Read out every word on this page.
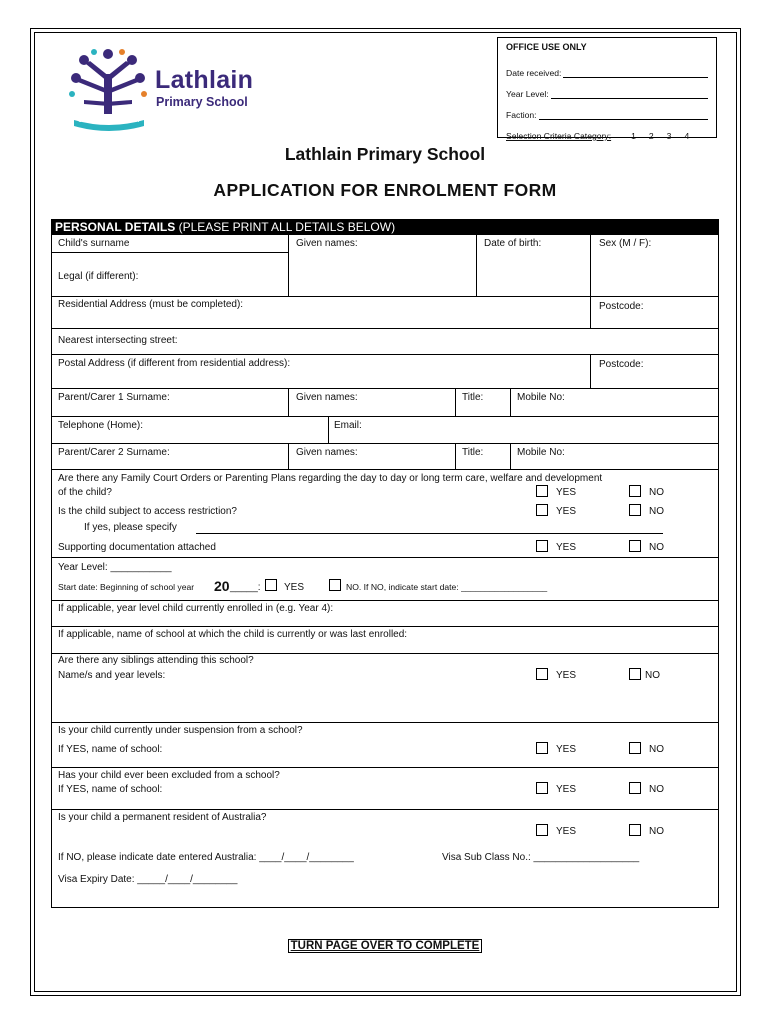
Lathlain
Primary School
SEEK · STRIVE · LEARN
OFFICE USE ONLY
Date received:
Year Level:
Faction:
Selection Criteria Category: 1 2 3 4
Lathlain Primary School
APPLICATION FOR ENROLMENT FORM
PERSONAL DETAILS (PLEASE PRINT ALL DETAILS BELOW)
Child's surname	Given names:	Date of birth:	Sex (M / F):
Legal (if different):
Residential Address (must be completed):	Postcode:
Nearest intersecting street:
Postal Address (if different from residential address):	Postcode:
Parent/Carer 1 Surname:	Given names:	Title:	Mobile No:
Telephone (Home):	Email:
Parent/Carer 2 Surname:	Given names:	Title:	Mobile No:
Are there any Family Court Orders or Parenting Plans regarding the day to day or long term care, welfare and development
of the child?	YES	NO
Is the child subject to access restriction?	YES	NO
If yes, please specify
Supporting documentation attached	YES	NO
Year Level: ___________
Start date: Beginning of school year 20 _____: YES	NO. If NO, indicate start date: __________________
If applicable, year level child currently enrolled in (e.g. Year 4):
If applicable, name of school at which the child is currently or was last enrolled:
Are there any siblings attending this school?
Name/s and year levels:	YES	NO
Is your child currently under suspension from a school?
If YES, name of school:	YES	NO
Has your child ever been excluded from a school?
If YES, name of school:	YES	NO
Is your child a permanent resident of Australia?
YES	NO
If NO, please indicate date entered Australia: ____/____/________	Visa Sub Class No.: ___________________
Visa Expiry Date: _____/____/________
TURN PAGE OVER TO COMPLETE
